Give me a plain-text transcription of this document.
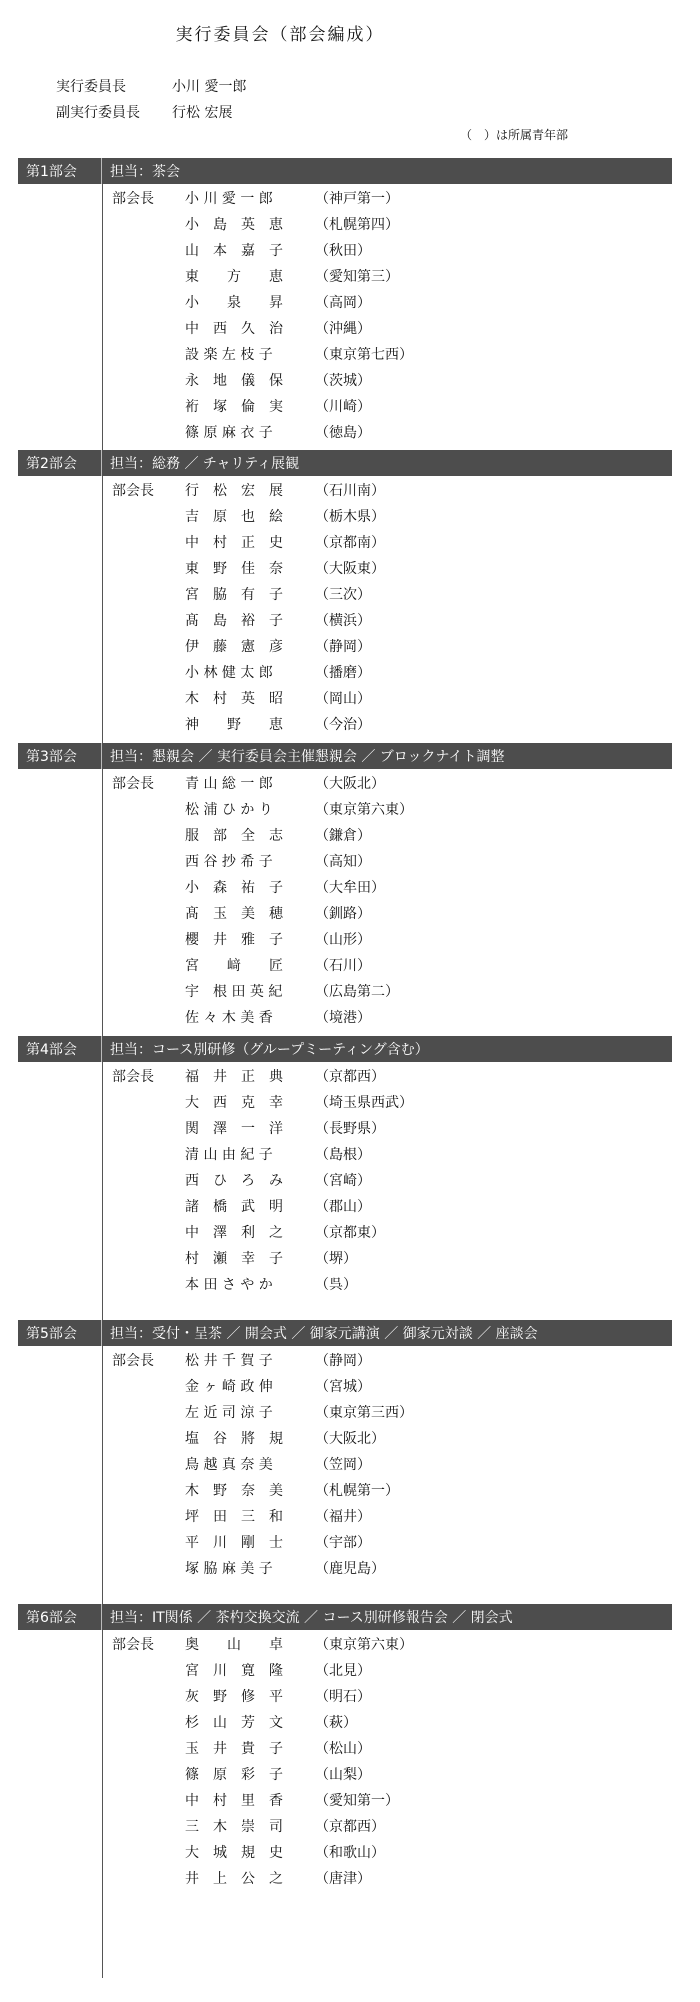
実行委員会（部会編成）
実行委員長	小川 愛一郎
副実行委員長	行松 宏展
（　）は所属青年部
第1部会	担当：茶会
部会長	小 川 愛 一 郎	（神戸第一）
小　島　英　恵	（札幌第四）
山　本　嘉　子	（秋田）
東　　方　　恵	（愛知第三）
小　　泉　　昇	（高岡）
中　西　久　治	（沖縄）
設 楽 左 枝 子	（東京第七西）
永　地　儀　保	（茨城）
裄　塚　倫　実	（川崎）
篠 原 麻 衣 子	（徳島）
第2部会	担当：総務 ／ チャリティ展観
部会長	行　松　宏　展	（石川南）
吉　原　也　絵	（栃木県）
中　村　正　史	（京都南）
東　野　佳　奈	（大阪東）
宮　脇　有　子	（三次）
髙　島　裕　子	（横浜）
伊　藤　憲　彦	（静岡）
小 林 健 太 郎	（播磨）
木　村　英　昭	（岡山）
神　　野　　恵	（今治）
第3部会	担当：懇親会 ／ 実行委員会主催懇親会 ／ ブロックナイト調整
部会長	青 山 総 一 郎	（大阪北）
松 浦 ひ か り	（東京第六東）
服　部　全　志	（鎌倉）
西 谷 抄 希 子	（高知）
小　森　祐　子	（大牟田）
髙　玉　美　穂	（釧路）
櫻　井　雅　子	（山形）
宮　　﨑　　匠	（石川）
宇　根 田 英 紀	（広島第二）
佐 々 木 美 香	（境港）
第4部会	担当：コース別研修（グループミーティング含む）
部会長	福　井　正　典	（京都西）
大　西　克　幸	（埼玉県西武）
関　澤　一　洋	（長野県）
清 山 由 紀 子	（島根）
西　ひ　ろ　み	（宮崎）
諸　橋　武　明	（郡山）
中　澤　利　之	（京都東）
村　瀬　幸　子	（堺）
本 田 さ や か	（呉）
第5部会	担当：受付・呈茶 ／ 開会式 ／ 御家元講演 ／ 御家元対談 ／ 座談会
部会長	松 井 千 賀 子	（静岡）
金 ヶ 崎 政 伸	（宮城）
左 近 司 涼 子	（東京第三西）
塩　谷　將　規	（大阪北）
鳥 越 真 奈 美	（笠岡）
木　野　奈　美	（札幌第一）
坪　田　三　和	（福井）
平　川　剛　士	（宇部）
塚 脇 麻 美 子	（鹿児島）
第6部会	担当：IT関係 ／ 茶杓交換交流 ／ コース別研修報告会 ／ 閉会式
部会長	奥　　山　　卓	（東京第六東）
宮　川　寛　隆	（北見）
灰　野　修　平	（明石）
杉　山　芳　文	（萩）
玉　井　貴　子	（松山）
篠　原　彩　子	（山梨）
中　村　里　香	（愛知第一）
三　木　崇　司	（京都西）
大　城　規　史	（和歌山）
井　上　公　之	（唐津）
